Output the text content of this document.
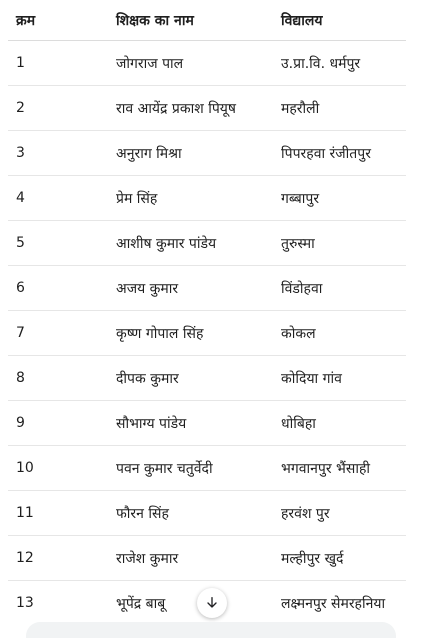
क्रम	शिक्षक का नाम	विद्यालय
1	जोगराज पाल	उ.प्रा.वि. धर्मपुर
2	राव आयेंद्र प्रकाश पियूष	महरौली
3	अनुराग मिश्रा	पिपरहवा रंजीतपुर
4	प्रेम सिंह	गब्बापुर
5	आशीष कुमार पांडेय	तुरुस्मा
6	अजय कुमार	विंडोहवा
7	कृष्ण गोपाल सिंह	कोकल
8	दीपक कुमार	कोदिया गांव
9	सौभाग्य पांडेय	धोबिहा
10	पवन कुमार चतुर्वेदी	भगवानपुर भैंसाही
11	फौरन सिंह	हरवंश पुर
12	राजेश कुमार	मल्हीपुर खुर्द
13	भूपेंद्र बाबू	लक्ष्मनपुर सेमरहनिया
